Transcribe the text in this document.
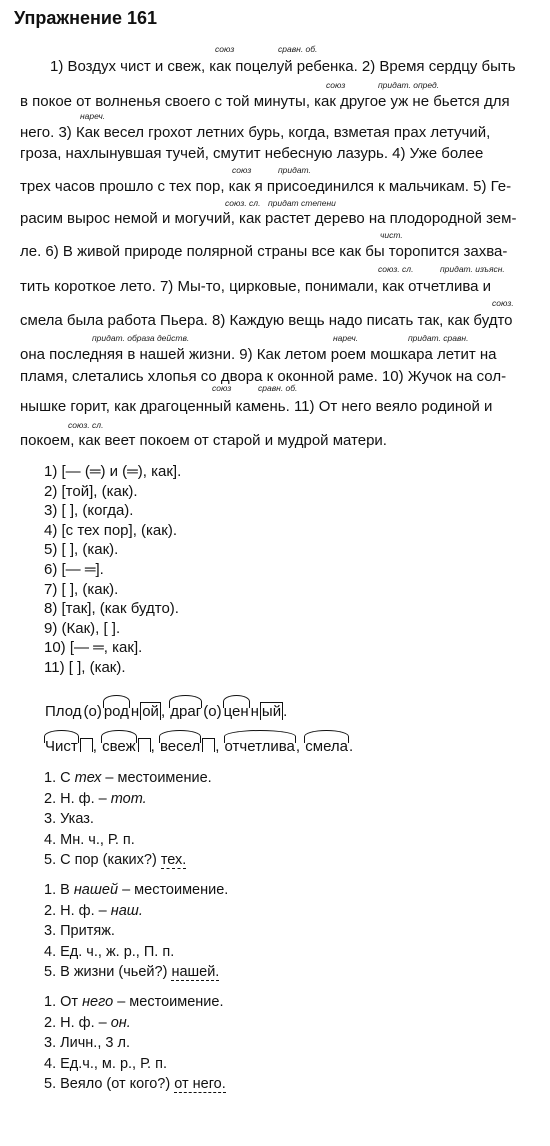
Упражнение 161
союз	сравн. об.
союз	придат. опред.
нареч.
союз	придат.
союз. сл. придат степени
чист.
союз. сл.	придат. изъясн.
союз.
придат. образа действ.	нареч.	придат. сравн.
союз	сравн. об.
союз. сл.
1) Воздух чист и свеж, как поцелуй ребенка. 2) Время сердцу быть
в покое от волненья своего с той минуты, как другое уж не бьется для
него. 3) Как весел грохот летних бурь, когда, взметая прах летучий,
гроза, нахлынувшая тучей, смутит небесную лазурь. 4) Уже более
трех часов прошло с тех пор, как я присоединился к мальчикам. 5) Ге-
расим вырос немой и могучий, как растет дерево на плодородной зем-
ле. 6) В живой природе полярной страны все как бы торопится захва-
тить короткое лето. 7) Мы-то, цирковые, понимали, как отчетлива и
смела была работа Пьера. 8) Каждую вещь надо писать так, как будто
она последняя в нашей жизни. 9) Как летом роем мошкара летит на
пламя, слетались хлопья со двора к оконной раме. 10) Жучок на сол-
нышке горит, как драгоценный камень. 11) От него веяло родиной и
покоем, как веет покоем от старой и мудрой матери.
1) [— (═) и (═), как].
2) [той], (как).
3) [ ], (когда).
4) [с тех пор], (как).
5) [ ], (как).
6) [— ═].
7) [ ], (как).
8) [так], (как будто).
9) (Как), [ ].
10) [— ═, как].
11) [ ], (как).
Плод (о) род н ой , драг (о) цен н ый .
Чист , свеж , весел , отчетлива, смела.
1. С тех – местоимение.
2. Н. ф. – тот.
3. Указ.
4. Мн. ч., Р. п.
5. С пор (каких?) тех.
1. В нашей – местоимение.
2. Н. ф. – наш.
3. Притяж.
4. Ед. ч., ж. р., П. п.
5. В жизни (чьей?) нашей.
1. От него – местоимение.
2. Н. ф. – он.
3. Личн., 3 л.
4. Ед.ч., м. р., Р. п.
5. Веяло (от кого?) от него.
